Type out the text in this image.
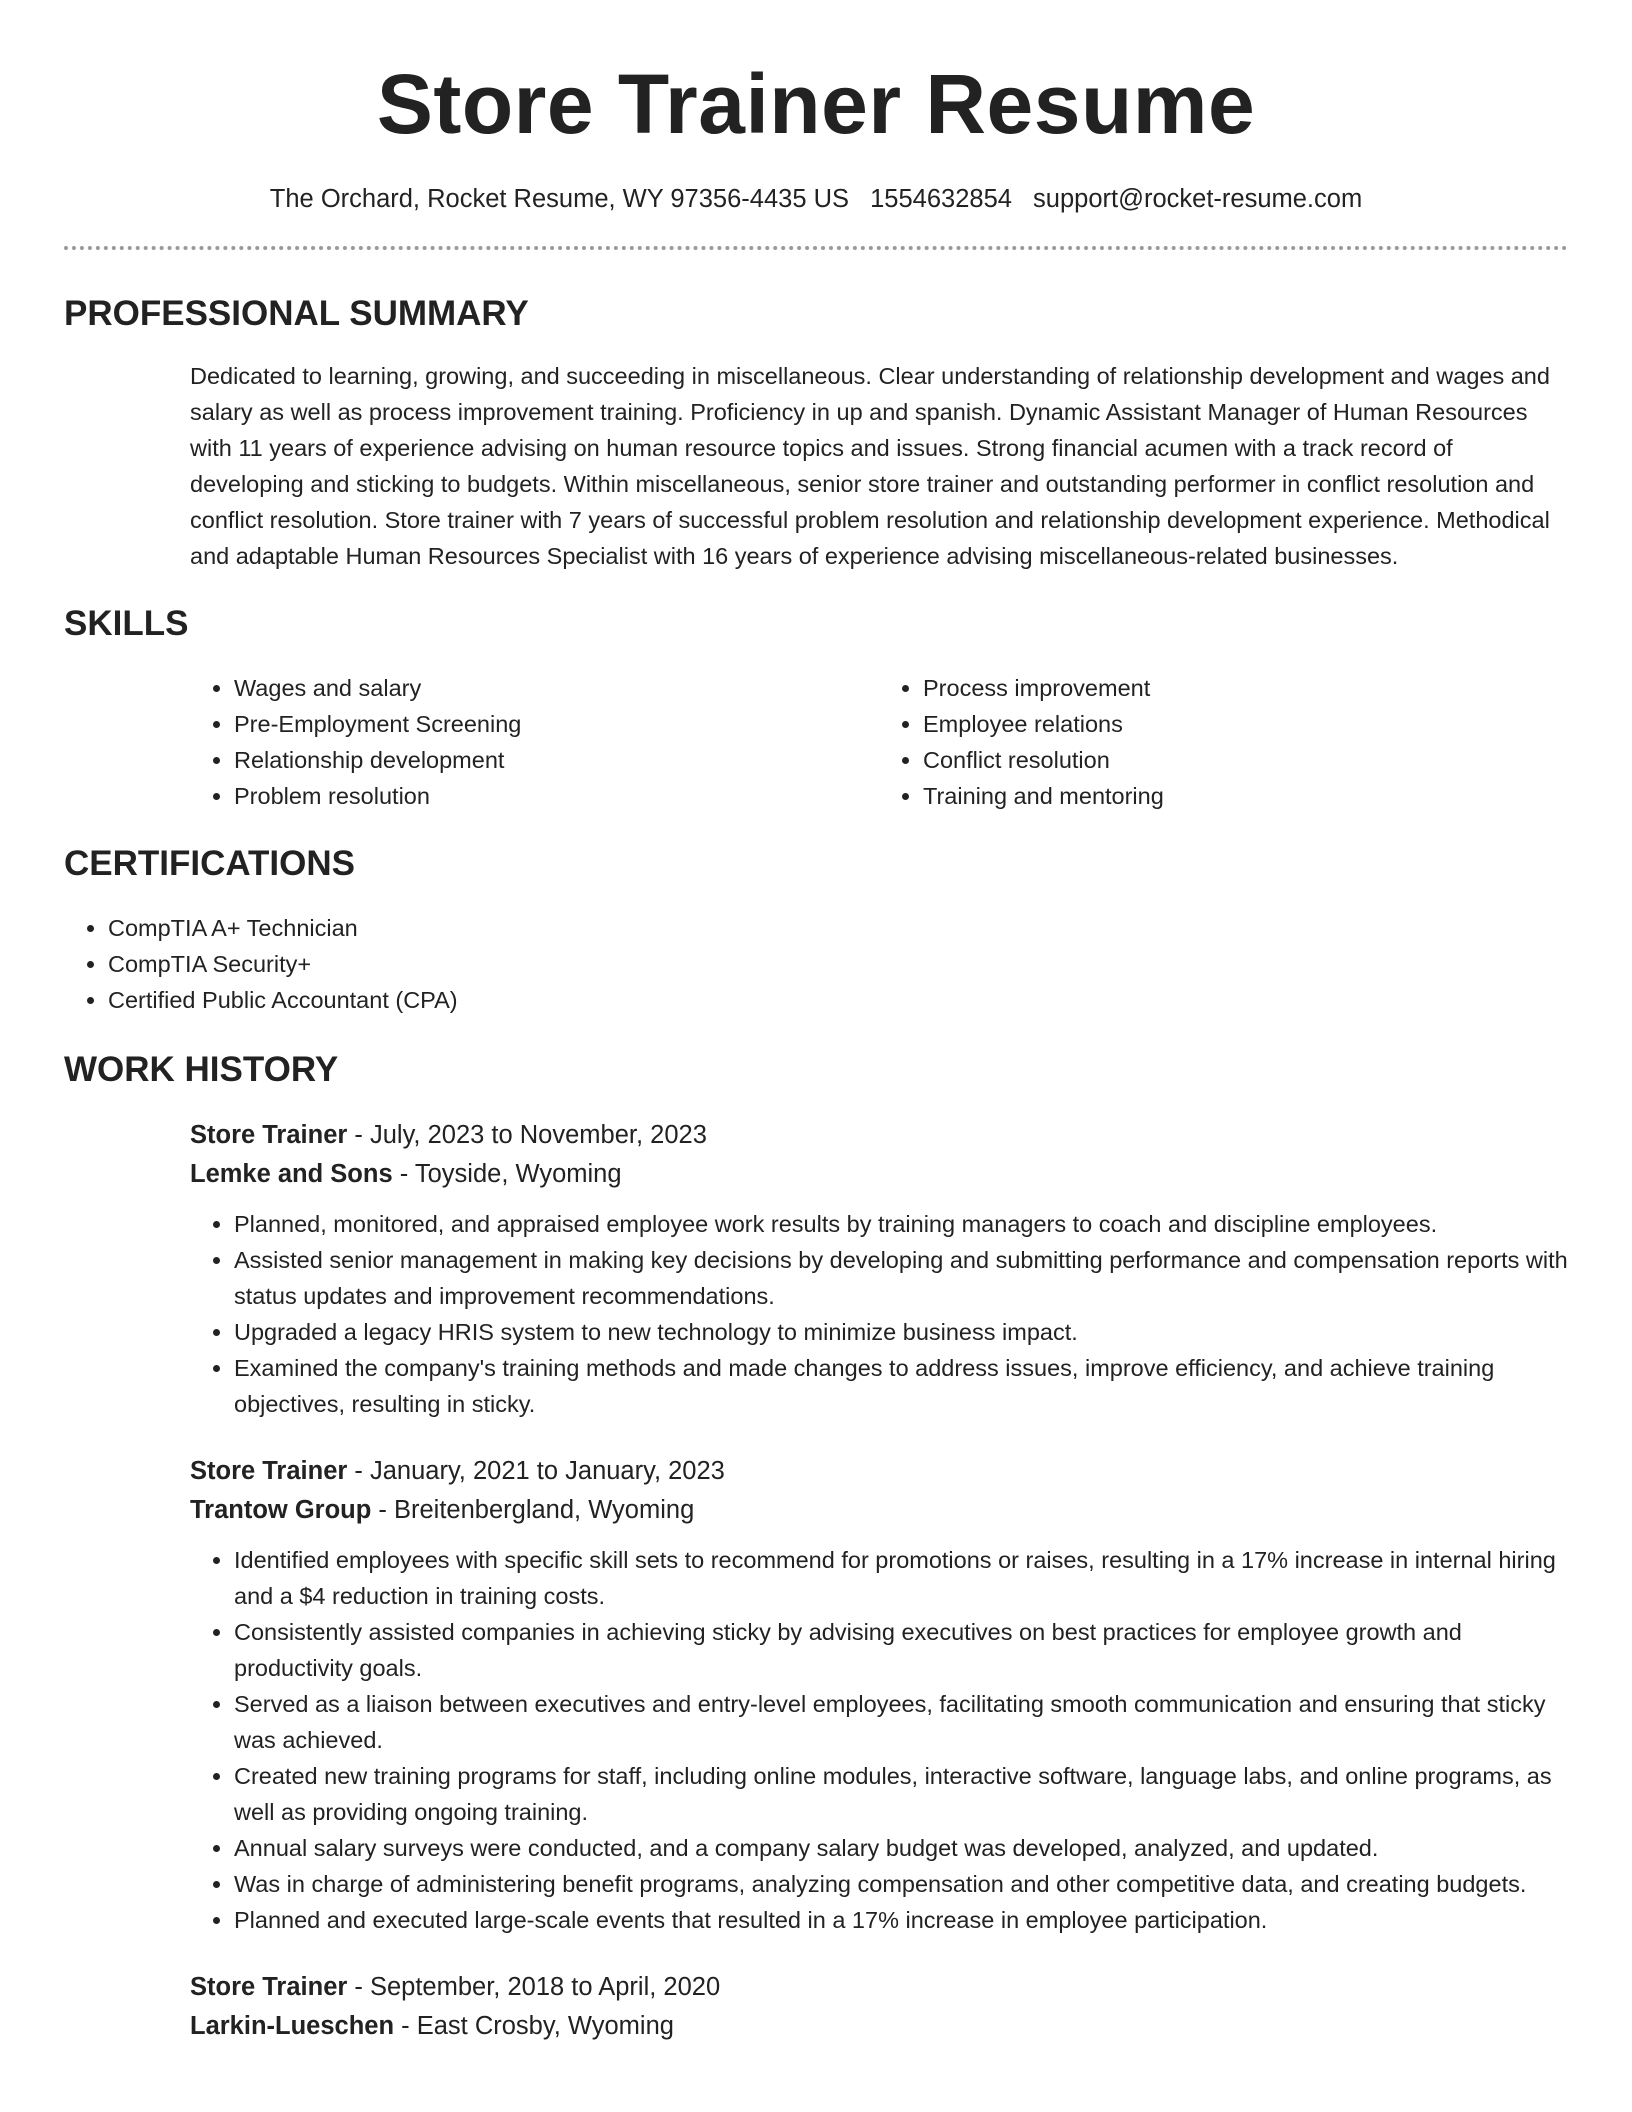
Store Trainer Resume
The Orchard, Rocket Resume, WY 97356-4435 US 1554632854 support@rocket-resume.com
PROFESSIONAL SUMMARY

Dedicated to learning, growing, and succeeding in miscellaneous. Clear understanding of relationship development and wages and salary as well as process improvement training. Proficiency in up and spanish. Dynamic Assistant Manager of Human Resources with 11 years of experience advising on human resource topics and issues. Strong financial acumen with a track record of developing and sticking to budgets. Within miscellaneous, senior store trainer and outstanding performer in conflict resolution and conflict resolution. Store trainer with 7 years of successful problem resolution and relationship development experience. Methodical and adaptable Human Resources Specialist with 16 years of experience advising miscellaneous-related businesses.

SKILLS
• Wages and salary
• Pre-Employment Screening
• Relationship development
• Problem resolution
• Process improvement
• Employee relations
• Conflict resolution
• Training and mentoring
CERTIFICATIONS
• CompTIA A+ Technician
• CompTIA Security+
• Certified Public Accountant (CPA)
WORK HISTORY
Store Trainer - July, 2023 to November, 2023
Lemke and Sons - Toyside, Wyoming
• Planned, monitored, and appraised employee work results by training managers to coach and discipline employees.
• Assisted senior management in making key decisions by developing and submitting performance and compensation reports with status updates and improvement recommendations.
• Upgraded a legacy HRIS system to new technology to minimize business impact.
• Examined the company's training methods and made changes to address issues, improve efficiency, and achieve training objectives, resulting in sticky.
Store Trainer - January, 2021 to January, 2023
Trantow Group - Breitenbergland, Wyoming
• Identified employees with specific skill sets to recommend for promotions or raises, resulting in a 17% increase in internal hiring and a $4 reduction in training costs.
• Consistently assisted companies in achieving sticky by advising executives on best practices for employee growth and productivity goals.
• Served as a liaison between executives and entry-level employees, facilitating smooth communication and ensuring that sticky was achieved.
• Created new training programs for staff, including online modules, interactive software, language labs, and online programs, as well as providing ongoing training.
• Annual salary surveys were conducted, and a company salary budget was developed, analyzed, and updated.
• Was in charge of administering benefit programs, analyzing compensation and other competitive data, and creating budgets.
• Planned and executed large-scale events that resulted in a 17% increase in employee participation.
Store Trainer - September, 2018 to April, 2020
Larkin-Lueschen - East Crosby, Wyoming
